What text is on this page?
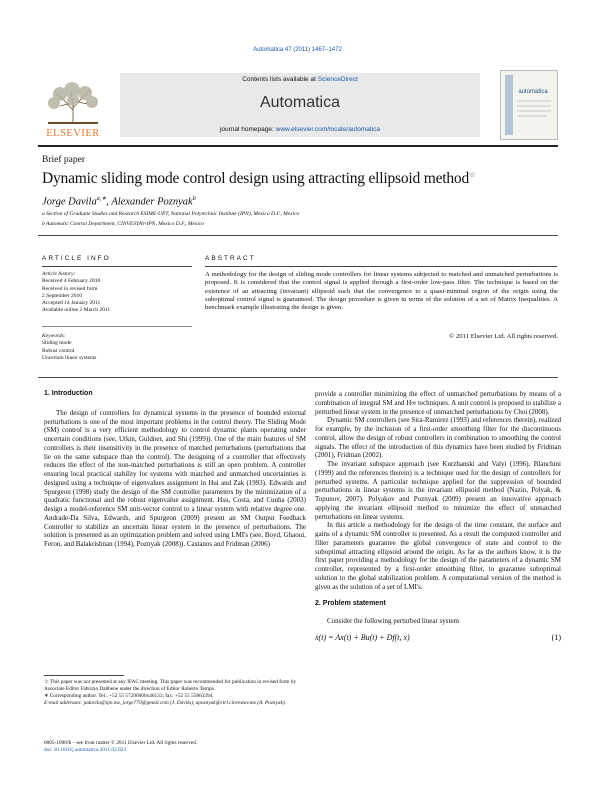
Automatica 47 (2011) 1467–1472
ELSEVIER
Contents lists available at ScienceDirect
Automatica
journal homepage: www.elsevier.com/locate/automatica
automatica
Brief paper
Dynamic sliding mode control design using attracting ellipsoid method☆
Jorge Davila$^{a,∗}$, Alexander Poznyak$^b$
a Section of Graduate Studies and Research ESIME-UPT, National Polytechnic Institute (IPN), Mexico D.F., Mexico
b Automatic Control Department, CINVESTAV-IPN, Mexico D.F., Mexico
ARTICLE INFO	ABSTRACT
Article history:
Received 4 February 2010
Received in revised form
2 September 2010
Accepted 14 January 2011
Available online 2 March 2011
Keywords:
Sliding mode
Robust control
Uncertain linear systems
A methodology for the design of sliding mode controllers for linear systems subjected to matched and unmatched perturbations is proposed. It is considered that the control signal is applied through a first-order low-pass filter. The technique is based on the existence of an attracting (invariant) ellipsoid such that the convergence to a quasi-minimal region of the origin using the suboptimal control signal is guaranteed. The design procedure is given in terms of the solution of a set of Matrix Inequalities. A benchmark example illustrating the design is given.
© 2011 Elsevier Ltd. All rights reserved.
1. Introduction

The design of controllers for dynamical systems in the presence of bounded external perturbations is one of the most important problems in the control theory. The Sliding Mode (SM) control is a very efficient methodology to control dynamic plants operating under uncertain conditions (see, Utkin, Guldner, and Shi (1999)). One of the main features of SM controllers is their insensitivity in the presence of matched perturbations (perturbations that lie on the same subspace than the control). The designing of a controller that effectively reduces the effect of the non-matched perturbations is still an open problem. A controller ensuring local practical stability for systems with matched and unmatched uncertainties is designed using a technique of eigenvalues assignment in Hui and Zak (1993). Edwards and Spurgeon (1998) study the design of the SM controller parameters by the minimization of a quadratic functional and the robust eigenvalue assignment. Hsu, Costa, and Cunha (2003) design a model-reference SM unit-vector control to a linear system with relative degree one. Andrade-Da Silva, Edwards, and Spurgeon (2009) present an SM Output Feedback Controller to stabilize an uncertain linear system in the presence of perturbations. The solution is presented as an optimization problem and solved using LMI's (see, Boyd, Ghaoui, Feron, and Balakrishnan (1994), Poznyak (2008)). Castanos and Fridman (2006)

provide a controller minimizing the effect of unmatched perturbations by means of a combination of integral SM and H∞ techniques. A unit control is proposed to stabilize a perturbed linear system in the presence of unmatched perturbations by Choi (2008).

Dynamic SM controllers (see Sira-Ramirez (1993) and references therein), realized for example, by the inclusion of a first-order smoothing filter for the discontinuous control, allow the design of robust controllers in combination to smoothing the control signals. The effect of the introduction of this dynamics have been studied by Fridman (2001), Fridman (2002).

The invariant subspace approach (see Kurzhanski and Valyi (1996), Blanchini (1999) and the references therein) is a technique used for the design of controllers for perturbed systems. A particular technique applied for the suppression of bounded perturbations in linear systems is the invariant ellipsoid method (Nazin, Polyak, & Topunov, 2007). Polyakov and Poznyak (2009) present an innovative approach applying the invariant ellipsoid method to minimize the effect of unmatched perturbations on linear systems.

In this article a methodology for the design of the time constant, the surface and gains of a dynamic SM controller is presented. As a result the computed controller and filter parameters guarantee the global convergence of state and control to the suboptimal attracting ellipsoid around the origin. As far as the authors know, it is the first paper providing a methodology for the design of the parameters of a dynamic SM controller, represented by a first-order smoothing filter, to guarantee suboptimal solution to the global stabilization problem. A computational version of the method is given as the solution of a set of LMI's.

2. Problem statement

Consider the following perturbed linear system

ẋ(t) = Ax(t) + Bu(t) + Df(t, x)	(1)
☆ This paper was not presented at any IFAC meeting. This paper was recommended for publication in revised form by Associate Editor Fabrizio Dabbene under the direction of Editor Roberto Tempo.
∗ Corresponding author. Tel.: +52 55 57296000x46133; fax: +52 55 55863394.
E-mail addresses: jadavila@ipn.mx, jorge770@gmail.com (J. Davila), apoznyak@ctrl.cinvestav.mx (A. Poznyak).
0005-1098/$ – see front matter © 2011 Elsevier Ltd. All rights reserved.
doi: 10.1016/j.automatica.2011.02.023
